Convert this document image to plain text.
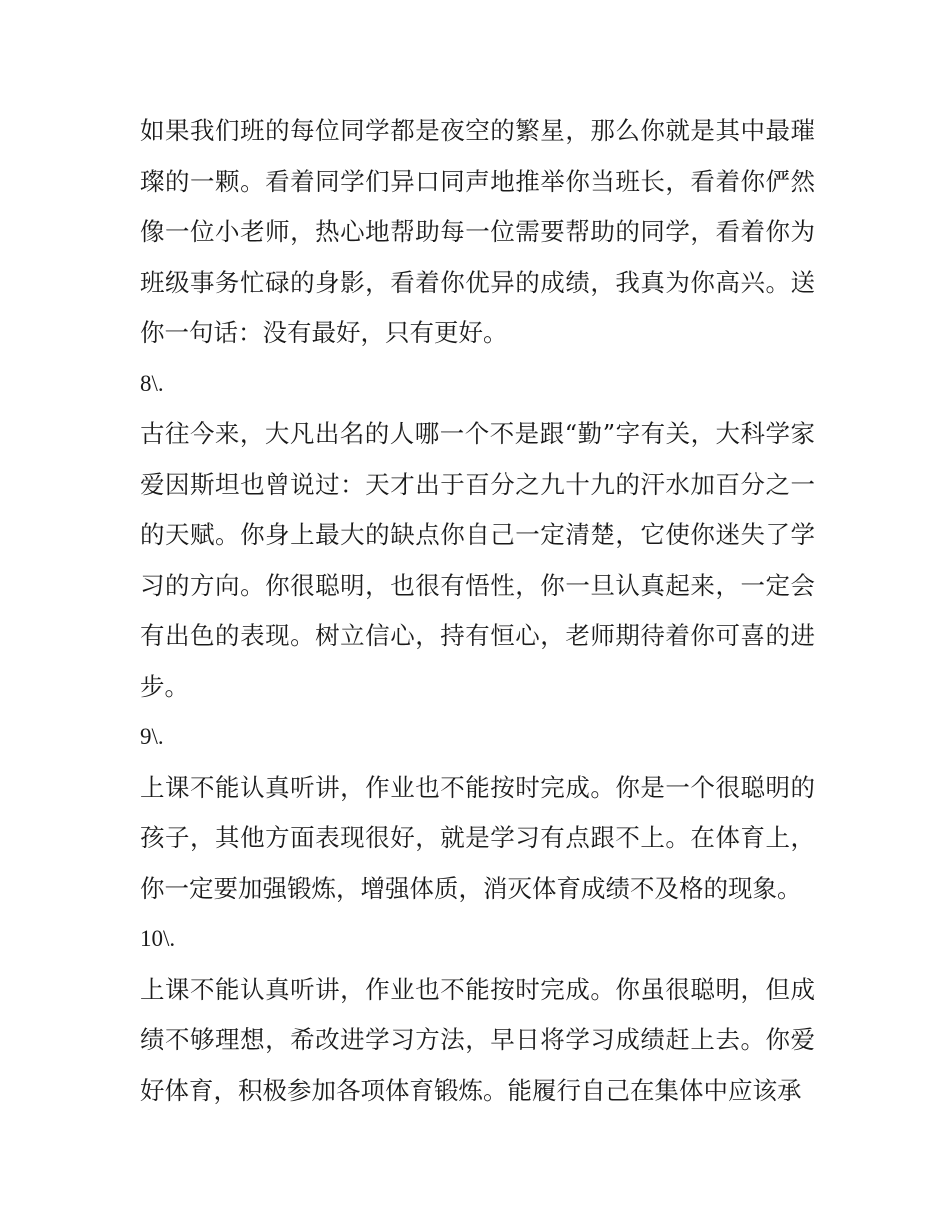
如果我们班的每位同学都是夜空的繁星，那么你就是其中最璀璨的一颗。看着同学们异口同声地推举你当班长，看着你俨然像一位小老师，热心地帮助每一位需要帮助的同学，看着你为班级事务忙碌的身影，看着你优异的成绩，我真为你高兴。送你一句话：没有最好，只有更好。

8\.

古往今来，大凡出名的人哪一个不是跟“勤”字有关，大科学家爱因斯坦也曾说过：天才出于百分之九十九的汗水加百分之一的天赋。你身上最大的缺点你自己一定清楚，它使你迷失了学习的方向。你很聪明，也很有悟性，你一旦认真起来，一定会有出色的表现。树立信心，持有恒心，老师期待着你可喜的进步。

9\.

上课不能认真听讲，作业也不能按时完成。你是一个很聪明的孩子，其他方面表现很好，就是学习有点跟不上。在体育上，你一定要加强锻炼，增强体质，消灭体育成绩不及格的现象。

10\.

上课不能认真听讲，作业也不能按时完成。你虽很聪明，但成绩不够理想，希改进学习方法，早日将学习成绩赶上去。你爱好体育，积极参加各项体育锻炼。能履行自己在集体中应该承
